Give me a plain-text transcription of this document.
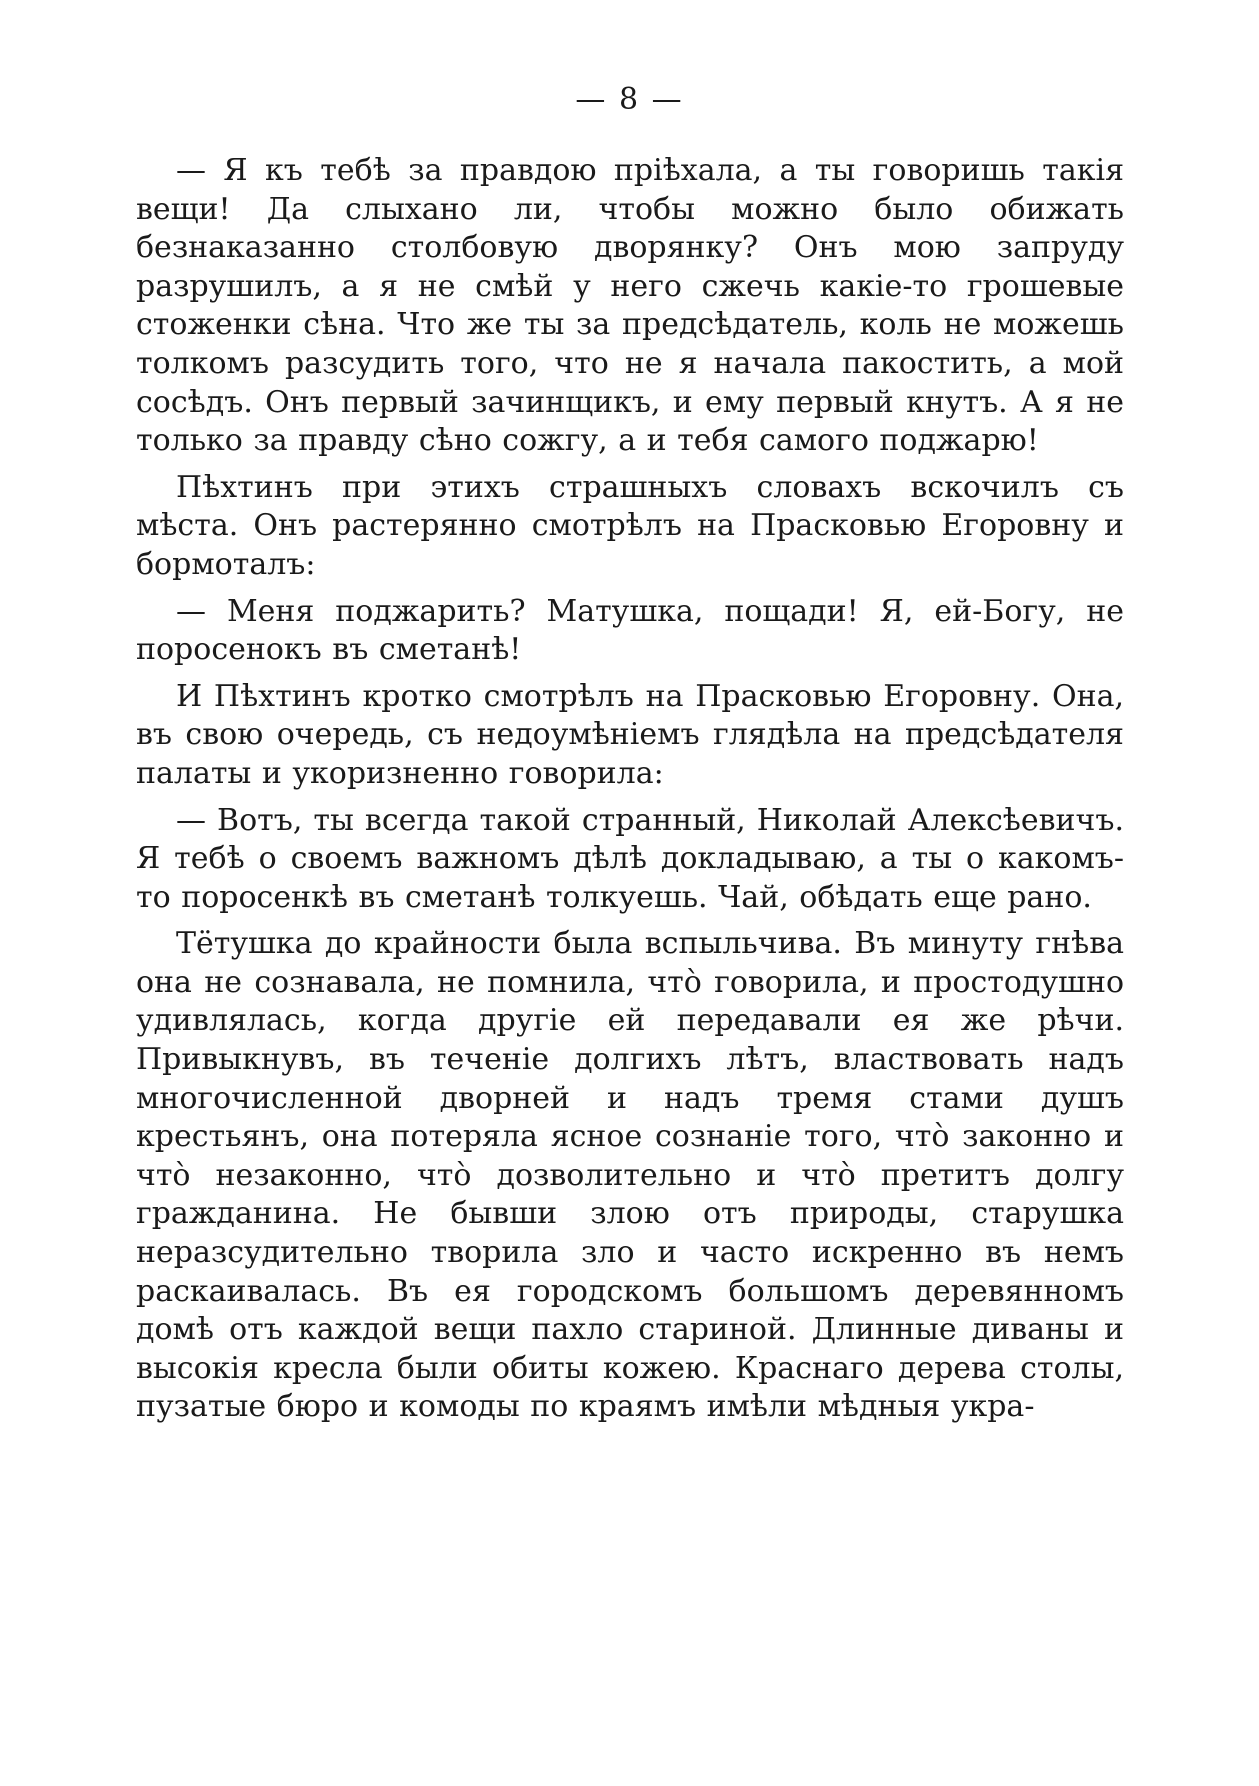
— 8 —

— Я къ тебѣ за правдою пріѣхала, а ты говоришь такія вещи! Да слыхано ли, чтобы можно было обижать безнаказанно столбовую дворянку? Онъ мою запруду разрушилъ, а я не смѣй у него сжечь какіе-то грошевые стоженки сѣна. Что же ты за предсѣдатель, коль не можешь толкомъ разсудить того, что не я начала пакостить, а мой сосѣдъ. Онъ первый зачинщикъ, и ему первый кнутъ. А я не только за правду сѣно сожгу, а и тебя самого поджарю!

Пѣхтинъ при этихъ страшныхъ словахъ вскочилъ съ мѣста. Онъ растерянно смотрѣлъ на Прасковью Егоровну и бормоталъ:

— Меня поджарить? Матушка, пощади! Я, ей-Богу, не поросенокъ въ сметанѣ!

И Пѣхтинъ кротко смотрѣлъ на Прасковью Егоровну. Она, въ свою очередь, съ недоумѣніемъ глядѣла на предсѣдателя палаты и укоризненно говорила:

— Вотъ, ты всегда такой странный, Николай Алексѣевичъ. Я тебѣ о своемъ важномъ дѣлѣ докладываю, а ты о какомъ-то поросенкѣ въ сметанѣ толкуешь. Чай, обѣдать еще рано.

Тётушка до крайности была вспыльчива. Въ минуту гнѣва она не сознавала, не помнила, что̀ говорила, и простодушно удивлялась, когда другіе ей передавали ея же рѣчи. Привыкнувъ, въ теченіе долгихъ лѣтъ, властвовать надъ многочисленной дворней и надъ тремя стами душъ крестьянъ, она потеряла ясное сознаніе того, что̀ законно и что̀ незаконно, что̀ дозволительно и что̀ претитъ долгу гражданина. Не бывши злою отъ природы, старушка неразсудительно творила зло и часто искренно въ немъ раскаивалась. Въ ея городскомъ большомъ деревянномъ домѣ отъ каждой вещи пахло стариной. Длинные диваны и высокія кресла были обиты кожею. Краснаго дерева столы, пузатые бюро и комоды по краямъ имѣли мѣдныя укра-
